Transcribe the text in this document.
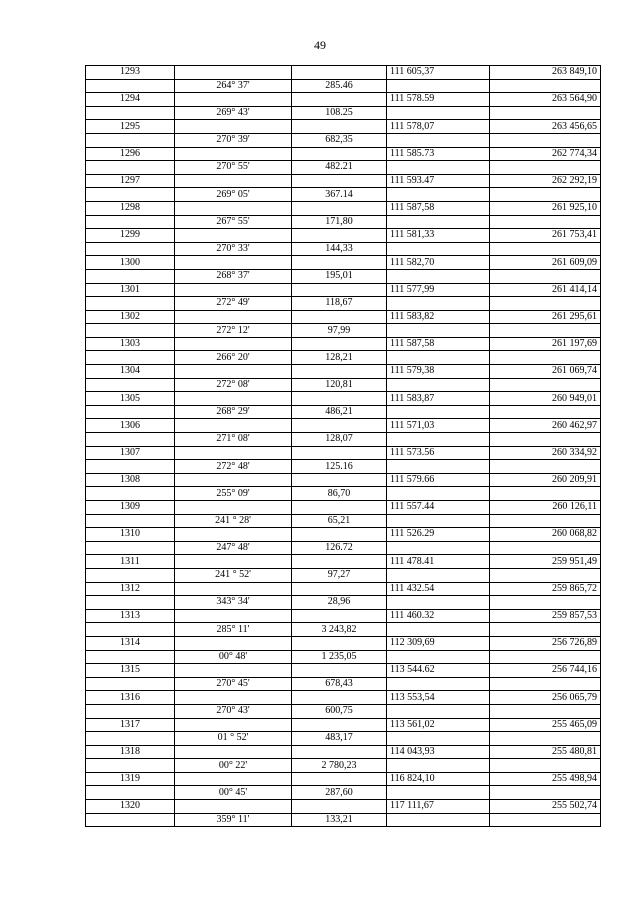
49
1293			111 605,37	263 849,10
	264° 37'	285.46		
1294			111 578.59	263 564,90
	269° 43'	108.25		
1295			111 578,07	263 456,65
	270° 39'	682,35		
1296			111 585.73	262 774,34
	270° 55'	482.21		
1297			111 593.47	262 292,19
	269° 05'	367.14		
1298			111 587,58	261 925,10
	267° 55'	171,80		
1299			111 581,33	261 753,41
	270° 33'	144,33		
1300			111 582,70	261 609,09
	268° 37'	195,01		
1301			111 577,99	261 414,14
	272° 49'	118,67		
1302			111 583,82	261 295,61
	272° 12'	97,99		
1303			111 587,58	261 197,69
	266° 20'	128,21		
1304			111 579,38	261 069,74
	272° 08'	120,81		
1305			111 583,87	260 949,01
	268° 29'	486,21		
1306			111 571,03	260 462,97
	271° 08'	128,07		
1307			111 573.56	260 334,92
	272° 48'	125.16		
1308			111 579.66	260 209,91
	255° 09'	86,70		
1309			111 557.44	260 126,11
	241 ° 28'	65,21		
1310			111 526.29	260 068,82
	247° 48'	126.72		
1311			111 478.41	259 951,49
	241 ° 52'	97,27		
1312			111 432.54	259 865,72
	343° 34'	28,96		
1313			111 460.32	259 857,53
	285° 11'	3 243,82		
1314			112 309,69	256 726,89
	00° 48'	1 235,05		
1315			113 544.62	256 744,16
	270° 45'	678,43		
1316			113 553,54	256 065,79
	270° 43'	600,75		
1317			113 561,02	255 465,09
	01 ° 52'	483,17		
1318			114 043,93	255 480,81
	00° 22'	2 780,23		
1319			116 824,10	255 498,94
	00° 45'	287,60		
1320			117 111,67	255 502,74
	359° 11'	133,21		
